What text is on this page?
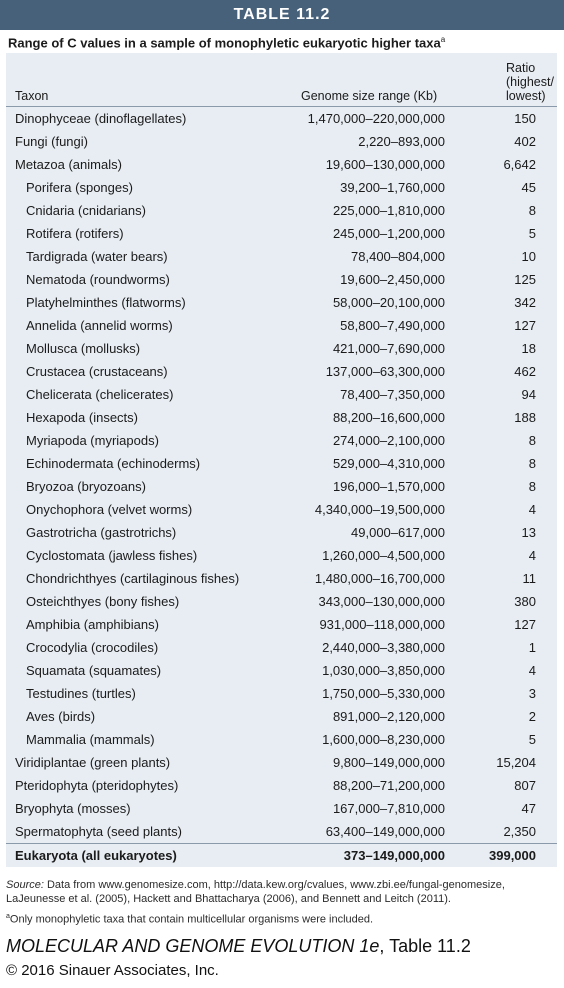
TABLE 11.2
Range of C values in a sample of monophyletic eukaryotic higher taxa$^a$
Taxon	Genome size range (Kb)	Ratio
(highest/
lowest)
Dinophyceae (dinoflagellates)	1,470,000–220,000,000	150
Fungi (fungi)	2,220–893,000	402
Metazoa (animals)	19,600–130,000,000	6,642
Porifera (sponges)	39,200–1,760,000	45
Cnidaria (cnidarians)	225,000–1,810,000	8
Rotifera (rotifers)	245,000–1,200,000	5
Tardigrada (water bears)	78,400–804,000	10
Nematoda (roundworms)	19,600–2,450,000	125
Platyhelminthes (flatworms)	58,000–20,100,000	342
Annelida (annelid worms)	58,800–7,490,000	127
Mollusca (mollusks)	421,000–7,690,000	18
Crustacea (crustaceans)	137,000–63,300,000	462
Chelicerata (chelicerates)	78,400–7,350,000	94
Hexapoda (insects)	88,200–16,600,000	188
Myriapoda (myriapods)	274,000–2,100,000	8
Echinodermata (echinoderms)	529,000–4,310,000	8
Bryozoa (bryozoans)	196,000–1,570,000	8
Onychophora (velvet worms)	4,340,000–19,500,000	4
Gastrotricha (gastrotrichs)	49,000–617,000	13
Cyclostomata (jawless fishes)	1,260,000–4,500,000	4
Chondrichthyes (cartilaginous fishes)	1,480,000–16,700,000	11
Osteichthyes (bony fishes)	343,000–130,000,000	380
Amphibia (amphibians)	931,000–118,000,000	127
Crocodylia (crocodiles)	2,440,000–3,380,000	1
Squamata (squamates)	1,030,000–3,850,000	4
Testudines (turtles)	1,750,000–5,330,000	3
Aves (birds)	891,000–2,120,000	2
Mammalia (mammals)	1,600,000–8,230,000	5
Viridiplantae (green plants)	9,800–149,000,000	15,204
Pteridophyta (pteridophytes)	88,200–71,200,000	807
Bryophyta (mosses)	167,000–7,810,000	47
Spermatophyta (seed plants)	63,400–149,000,000	2,350
Eukaryota (all eukaryotes)	373–149,000,000	399,000
Source: Data from www.genomesize.com, http://data.kew.org/cvalues, www.zbi.ee/fungal-genomesize, LaJeunesse et al. (2005), Hackett and Bhattacharya (2006), and Bennett and Leitch (2011).
$^a$Only monophyletic taxa that contain multicellular organisms were included.
MOLECULAR AND GENOME EVOLUTION 1e, Table 11.2
© 2016 Sinauer Associates, Inc.
